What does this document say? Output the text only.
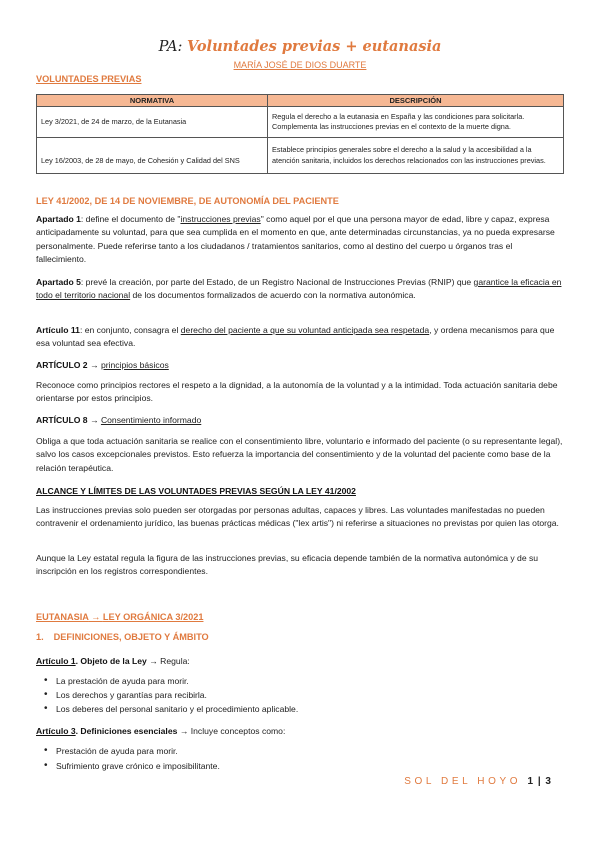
PA: Voluntades previas + eutanasia
MARÍA JOSÉ DE DIOS DUARTE
VOLUNTADES PREVIAS
NORMATIVA	DESCRIPCIÓN
Ley 3/2021, de 24 de marzo, de la Eutanasia	Regula el derecho a la eutanasia en España y las condiciones para solicitarla. Complementa las instrucciones previas en el contexto de la muerte digna.
Ley 16/2003, de 28 de mayo, de Cohesión y Calidad del SNS	Establece principios generales sobre el derecho a la salud y la accesibilidad a la atención sanitaria, incluidos los derechos relacionados con las instrucciones previas.
LEY 41/2002, DE 14 DE NOVIEMBRE, DE AUTONOMÍA DEL PACIENTE
Apartado 1: define el documento de "instrucciones previas" como aquel por el que una persona mayor de edad, libre y capaz, expresa anticipadamente su voluntad, para que sea cumplida en el momento en que, ante determinadas circunstancias, ya no pueda expresarse personalmente. Puede referirse tanto a los ciudadanos / tratamientos sanitarios, como al destino del cuerpo u órganos tras el fallecimiento.
Apartado 5: prevé la creación, por parte del Estado, de un Registro Nacional de Instrucciones Previas (RNIP) que garantice la eficacia en todo el territorio nacional de los documentos formalizados de acuerdo con la normativa autonómica.
Artículo 11: en conjunto, consagra el derecho del paciente a que su voluntad anticipada sea respetada, y ordena mecanismos para que esa voluntad sea efectiva.
ARTÍCULO 2 → principios básicos
Reconoce como principios rectores el respeto a la dignidad, a la autonomía de la voluntad y a la intimidad. Toda actuación sanitaria debe orientarse por estos principios.
ARTÍCULO 8 → Consentimiento informado
Obliga a que toda actuación sanitaria se realice con el consentimiento libre, voluntario e informado del paciente (o su representante legal), salvo los casos excepcionales previstos. Esto refuerza la importancia del consentimiento y de la voluntad del paciente como base de la relación terapéutica.
ALCANCE Y LÍMITES DE LAS VOLUNTADES PREVIAS SEGÚN LA LEY 41/2002
Las instrucciones previas solo pueden ser otorgadas por personas adultas, capaces y libres. Las voluntades manifestadas no pueden contravenir el ordenamiento jurídico, las buenas prácticas médicas ("lex artis") ni referirse a situaciones no previstas por quien las otorga.
Aunque la Ley estatal regula la figura de las instrucciones previas, su eficacia depende también de la normativa autonómica y de su inscripción en los registros correspondientes.
EUTANASIA → LEY ORGÁNICA 3/2021
1. DEFINICIONES, OBJETO Y ÁMBITO
Artículo 1. Objeto de la Ley → Regula:
• La prestación de ayuda para morir.
• Los derechos y garantías para recibirla.
• Los deberes del personal sanitario y el procedimiento aplicable.
Artículo 3. Definiciones esenciales → Incluye conceptos como:
• Prestación de ayuda para morir.
• Sufrimiento grave crónico e imposibilitante.
SOL DEL HOYO 1 | 3
